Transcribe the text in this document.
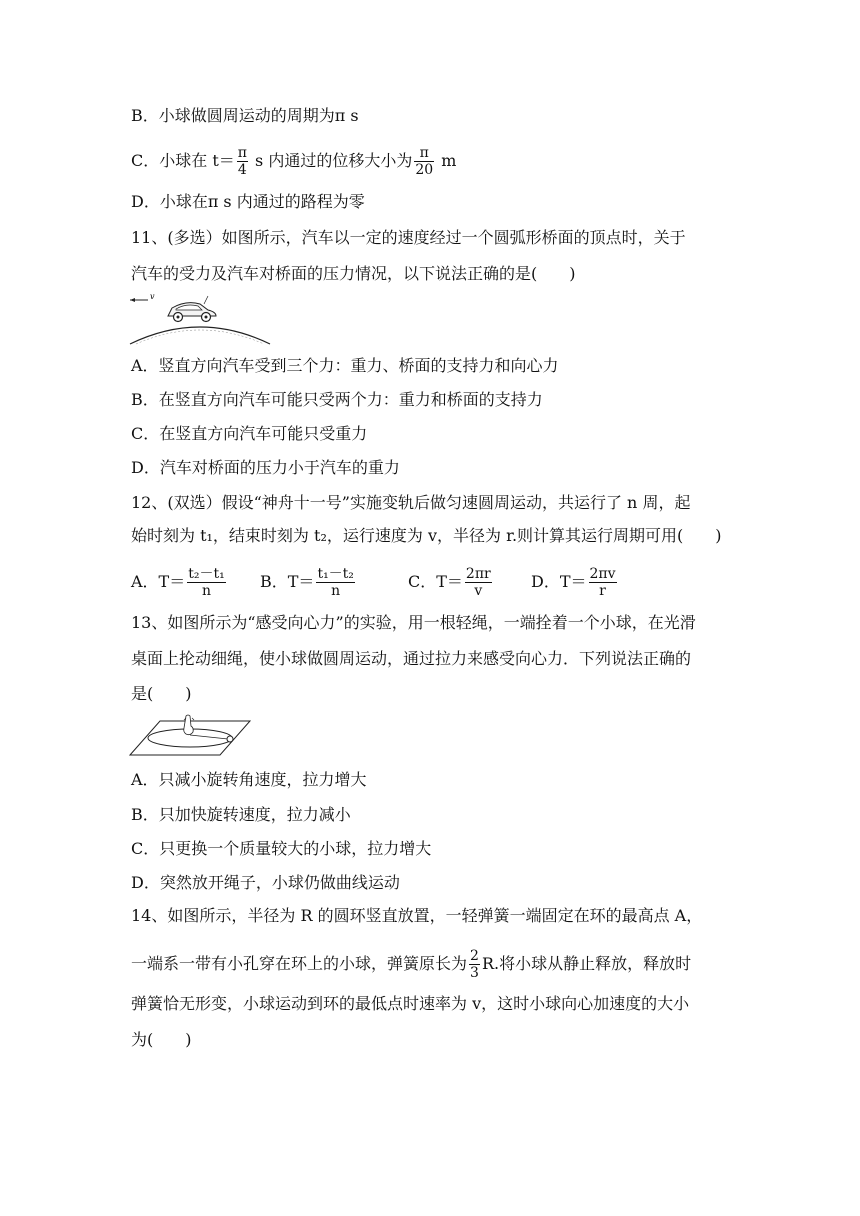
B．小球做圆周运动的周期为π s
C．小球在 $t= \frac{\pi}{4}$ s 内通过的位移大小为 $\frac{\pi}{20}$ m
D．小球在π s 内通过的路程为零
11、(多选）如图所示，汽车以一定的速度经过一个圆弧形桥面的顶点时，关于
汽车的受力及汽车对桥面的压力情况，以下说法正确的是(　　)
v
A．竖直方向汽车受到三个力：重力、桥面的支持力和向心力
B．在竖直方向汽车可能只受两个力：重力和桥面的支持力
C．在竖直方向汽车可能只受重力
D．汽车对桥面的压力小于汽车的重力
12、(双选）假设“神舟十一号”实施变轨后做匀速圆周运动，共运行了 n 周，起
始时刻为 t₁，结束时刻为 t₂，运行速度为 v，半径为 r.则计算其运行周期可用(　　)
A．$T= \frac{\text{t₂－t₁}}{n}$ B．$T= \frac{\text{t₁－t₂}}{n}$	C．$T= \frac{2\pi r}{v}$ D．$T= \frac{2\pi v}{r}$
13、如图所示为“感受向心力”的实验，用一根轻绳，一端拴着一个小球，在光滑
桌面上抡动细绳，使小球做圆周运动，通过拉力来感受向心力．下列说法正确的
是(　　)
A．只减小旋转角速度，拉力增大
B．只加快旋转速度，拉力减小
C．只更换一个质量较大的小球，拉力增大
D．突然放开绳子，小球仍做曲线运动
14、如图所示，半径为 R 的圆环竖直放置，一轻弹簧一端固定在环的最高点 A，
一端系一带有小孔穿在环上的小球，弹簧原长为 $\frac{2}{3} R$.将小球从静止释放，释放时
弹簧恰无形变，小球运动到环的最低点时速率为 v，这时小球向心加速度的大小
为(　　)
